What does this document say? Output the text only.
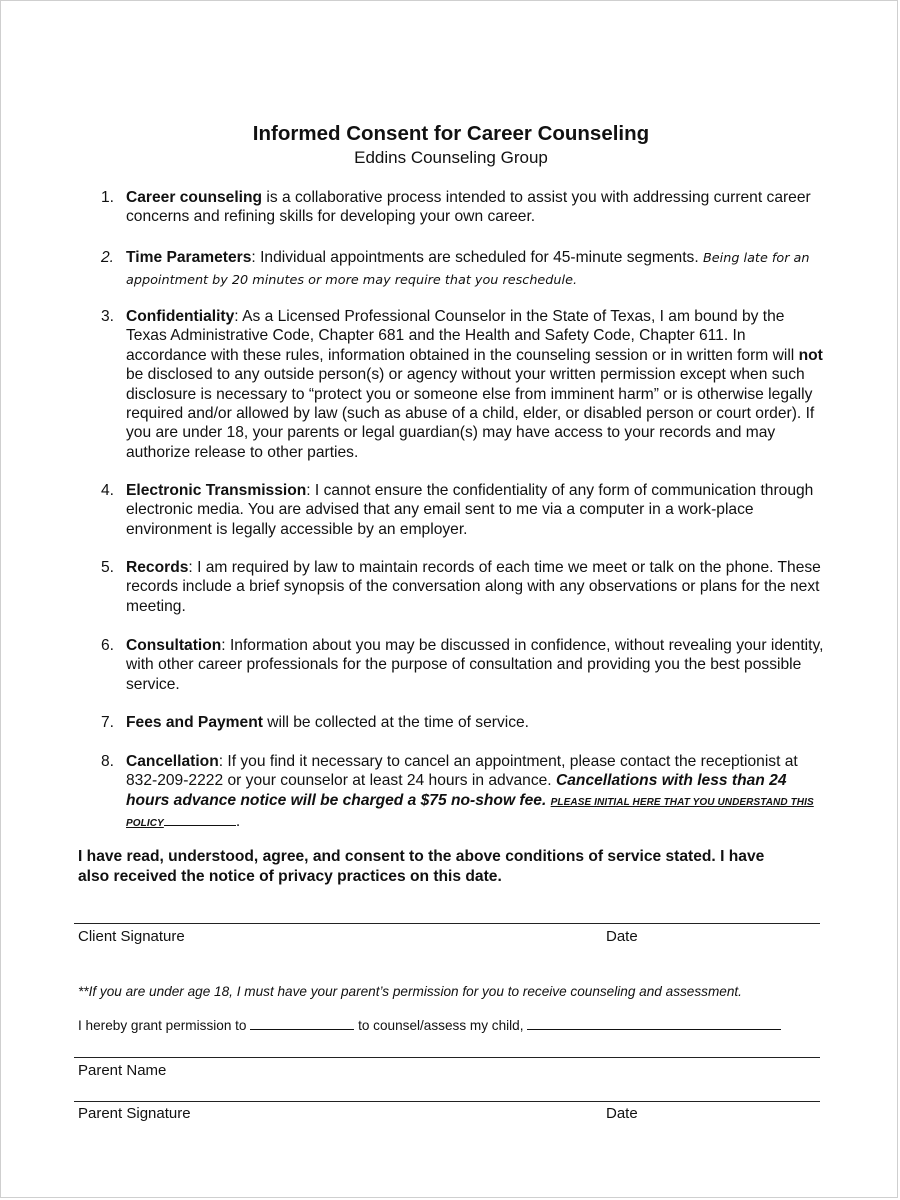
Informed Consent for Career Counseling
Eddins Counseling Group
1. Career counseling is a collaborative process intended to assist you with addressing current career concerns and refining skills for developing your own career.
2. Time Parameters: Individual appointments are scheduled for 45-minute segments. Being late for an appointment by 20 minutes or more may require that you reschedule.
3. Confidentiality: As a Licensed Professional Counselor in the State of Texas, I am bound by the Texas Administrative Code, Chapter 681 and the Health and Safety Code, Chapter 611. In accordance with these rules, information obtained in the counseling session or in written form will not be disclosed to any outside person(s) or agency without your written permission except when such disclosure is necessary to “protect you or someone else from imminent harm” or is otherwise legally required and/or allowed by law (such as abuse of a child, elder, or disabled person or court order). If you are under 18, your parents or legal guardian(s) may have access to your records and may authorize release to other parties.
4. Electronic Transmission: I cannot ensure the confidentiality of any form of communication through electronic media. You are advised that any email sent to me via a computer in a work-place environment is legally accessible by an employer.
5. Records: I am required by law to maintain records of each time we meet or talk on the phone. These records include a brief synopsis of the conversation along with any observations or plans for the next meeting.
6. Consultation: Information about you may be discussed in confidence, without revealing your identity, with other career professionals for the purpose of consultation and providing you the best possible service.
7. Fees and Payment will be collected at the time of service.
8. Cancellation: If you find it necessary to cancel an appointment, please contact the receptionist at 832-209-2222 or your counselor at least 24 hours in advance. Cancellations with less than 24 hours advance notice will be charged a $75 no-show fee. PLEASE INITIAL HERE THAT YOU UNDERSTAND THIS POLICY	.
I have read, understood, agree, and consent to the above conditions of service stated. I have also received the notice of privacy practices on this date.
Client Signature	Date
**If you are under age 18, I must have your parent’s permission for you to receive counseling and assessment.
I hereby grant permission to	to counsel/assess my child,
Parent Name
Parent Signature	Date
